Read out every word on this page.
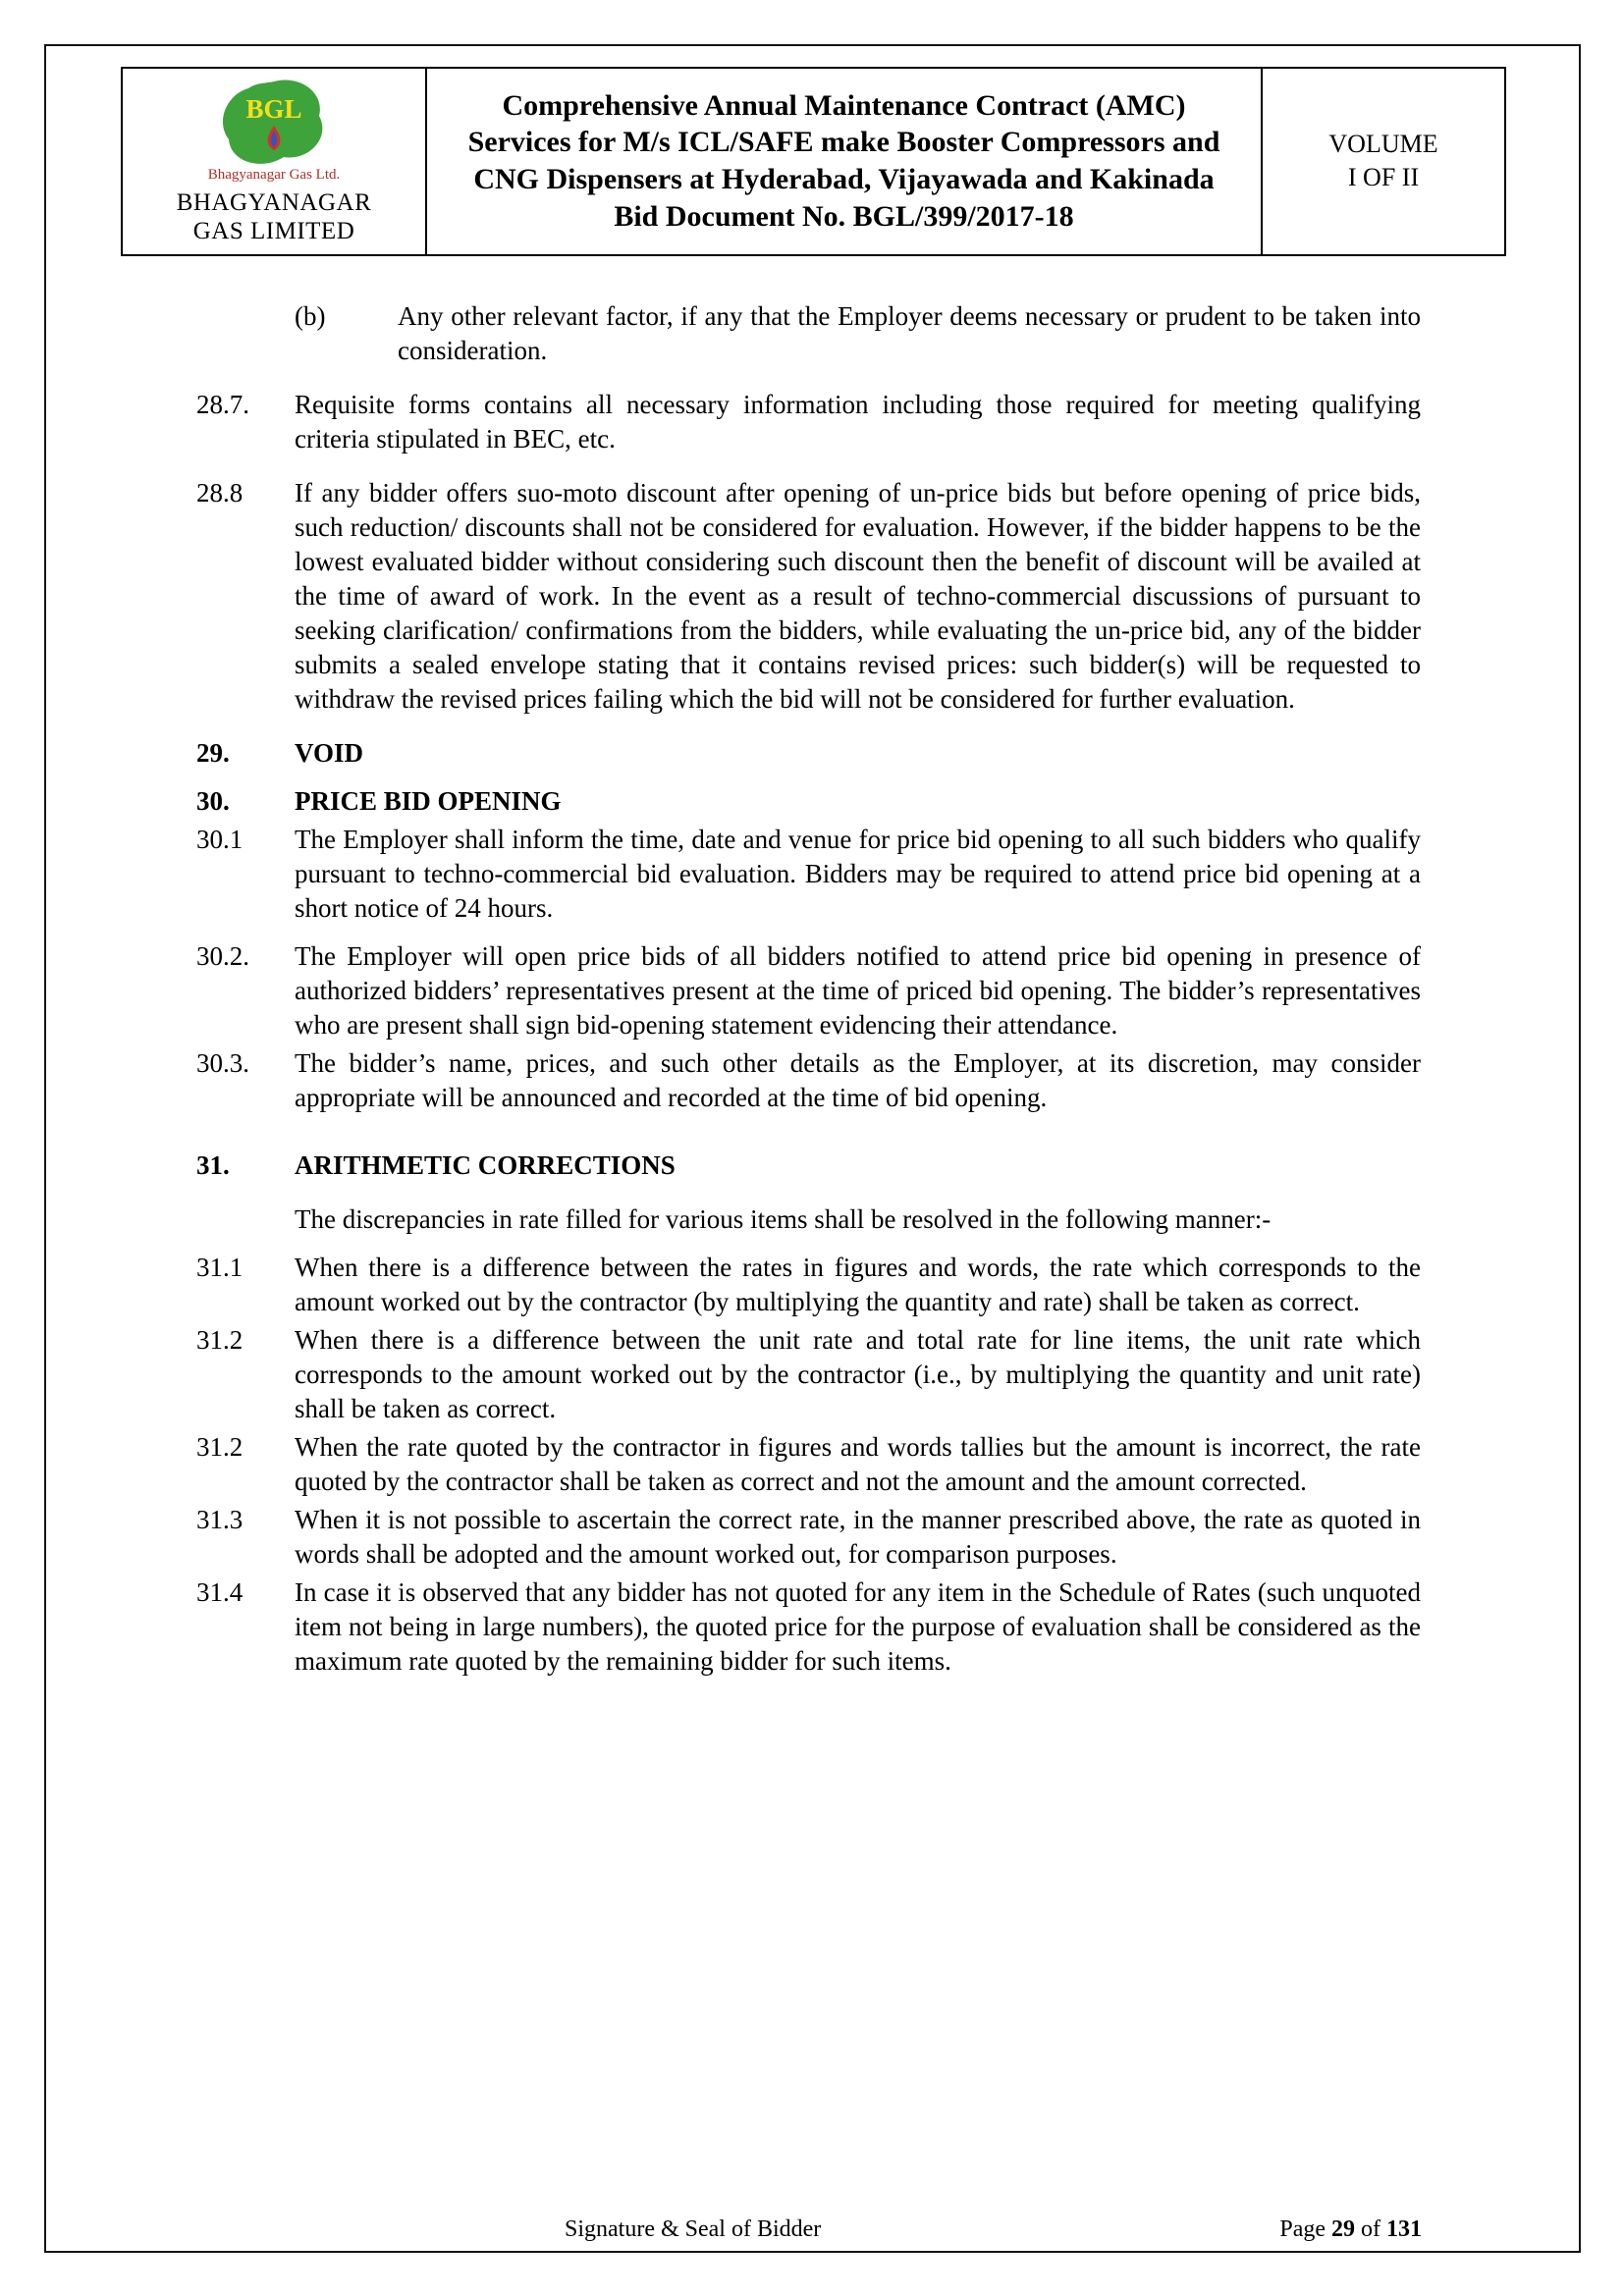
BGL
Bhagyanagar Gas Ltd.
BHAGYANAGAR
GAS LIMITED
Comprehensive Annual Maintenance Contract (AMC) Services for M/s ICL/SAFE make Booster Compressors and CNG Dispensers at Hyderabad, Vijayawada and Kakinada
Bid Document No. BGL/399/2017-18
VOLUME
I OF II
(b)	Any other relevant factor, if any that the Employer deems necessary or prudent to be taken into consideration.
28.7.	Requisite forms contains all necessary information including those required for meeting qualifying criteria stipulated in BEC, etc.
28.8	If any bidder offers suo-moto discount after opening of un-price bids but before opening of price bids, such reduction/ discounts shall not be considered for evaluation. However, if the bidder happens to be the lowest evaluated bidder without considering such discount then the benefit of discount will be availed at the time of award of work. In the event as a result of techno-commercial discussions of pursuant to seeking clarification/ confirmations from the bidders, while evaluating the un-price bid, any of the bidder submits a sealed envelope stating that it contains revised prices: such bidder(s) will be requested to withdraw the revised prices failing which the bid will not be considered for further evaluation.
29.	VOID
30.	PRICE BID OPENING
30.1	The Employer shall inform the time, date and venue for price bid opening to all such bidders who qualify pursuant to techno-commercial bid evaluation. Bidders may be required to attend price bid opening at a short notice of 24 hours.
30.2.	The Employer will open price bids of all bidders notified to attend price bid opening in presence of authorized bidders’ representatives present at the time of priced bid opening. The bidder’s representatives who are present shall sign bid-opening statement evidencing their attendance.
30.3.	The bidder’s name, prices, and such other details as the Employer, at its discretion, may consider appropriate will be announced and recorded at the time of bid opening.
31.	ARITHMETIC CORRECTIONS
The discrepancies in rate filled for various items shall be resolved in the following manner:-
31.1	When there is a difference between the rates in figures and words, the rate which corresponds to the amount worked out by the contractor (by multiplying the quantity and rate) shall be taken as correct.
31.2	When there is a difference between the unit rate and total rate for line items, the unit rate which corresponds to the amount worked out by the contractor (i.e., by multiplying the quantity and unit rate) shall be taken as correct.
31.2	When the rate quoted by the contractor in figures and words tallies but the amount is incorrect, the rate quoted by the contractor shall be taken as correct and not the amount and the amount corrected.
31.3	When it is not possible to ascertain the correct rate, in the manner prescribed above, the rate as quoted in words shall be adopted and the amount worked out, for comparison purposes.
31.4	In case it is observed that any bidder has not quoted for any item in the Schedule of Rates (such unquoted item not being in large numbers), the quoted price for the purpose of evaluation shall be considered as the maximum rate quoted by the remaining bidder for such items.
Signature & Seal of Bidder	Page 29 of 131
